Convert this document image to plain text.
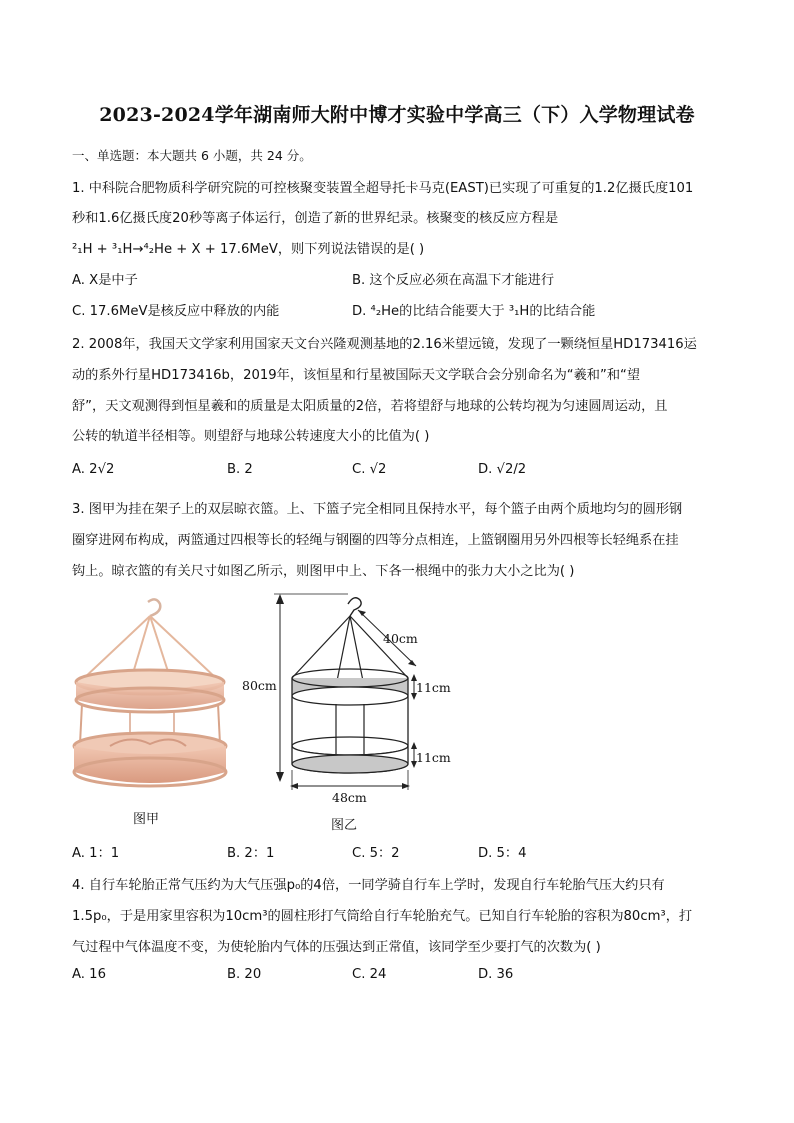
2023-2024学年湖南师大附中博才实验中学高三（下）入学物理试卷
一、单选题：本大题共 6 小题，共 24 分。
1. 中科院合肥物质科学研究院的可控核聚变装置全超导托卡马克(EAST)已实现了可重复的1.2亿摄氏度101
秒和1.6亿摄氏度20秒等离子体运行，创造了新的世界纪录。核聚变的核反应方程是
²₁H + ³₁H→⁴₂He + X + 17.6MeV，则下列说法错误的是( )
A. X是中子	B. 这个反应必须在高温下才能进行
C. 17.6MeV是核反应中释放的内能	D. ⁴₂He的比结合能要大于 ³₁H的比结合能
2. 2008年，我国天文学家利用国家天文台兴隆观测基地的2.16米望远镜，发现了一颗绕恒星HD173416运
动的系外行星HD173416b，2019年，该恒星和行星被国际天文学联合会分别命名为“羲和”和“望
舒”，天文观测得到恒星羲和的质量是太阳质量的2倍，若将望舒与地球的公转均视为匀速圆周运动，且
公转的轨道半径相等。则望舒与地球公转速度大小的比值为( )
A. 2√2	B. 2	C. √2	D. √2/2
3. 图甲为挂在架子上的双层晾衣篮。上、下篮子完全相同且保持水平，每个篮子由两个质地均匀的圆形钢
圈穿进网布构成，两篮通过四根等长的轻绳与钢圈的四等分点相连，上篮钢圈用另外四根等长轻绳系在挂
钩上。晾衣篮的有关尺寸如图乙所示，则图甲中上、下各一根绳中的张力大小之比为( )
图甲
40cm
80cm	11cm
11cm
48cm
图乙
A. 1：1	B. 2：1	C. 5：2	D. 5：4
4. 自行车轮胎正常气压约为大气压强p₀的4倍，一同学骑自行车上学时，发现自行车轮胎气压大约只有
1.5p₀，于是用家里容积为10cm³的圆柱形打气筒给自行车轮胎充气。已知自行车轮胎的容积为80cm³，打
气过程中气体温度不变，为使轮胎内气体的压强达到正常值，该同学至少要打气的次数为( )
A. 16	B. 20	C. 24	D. 36
